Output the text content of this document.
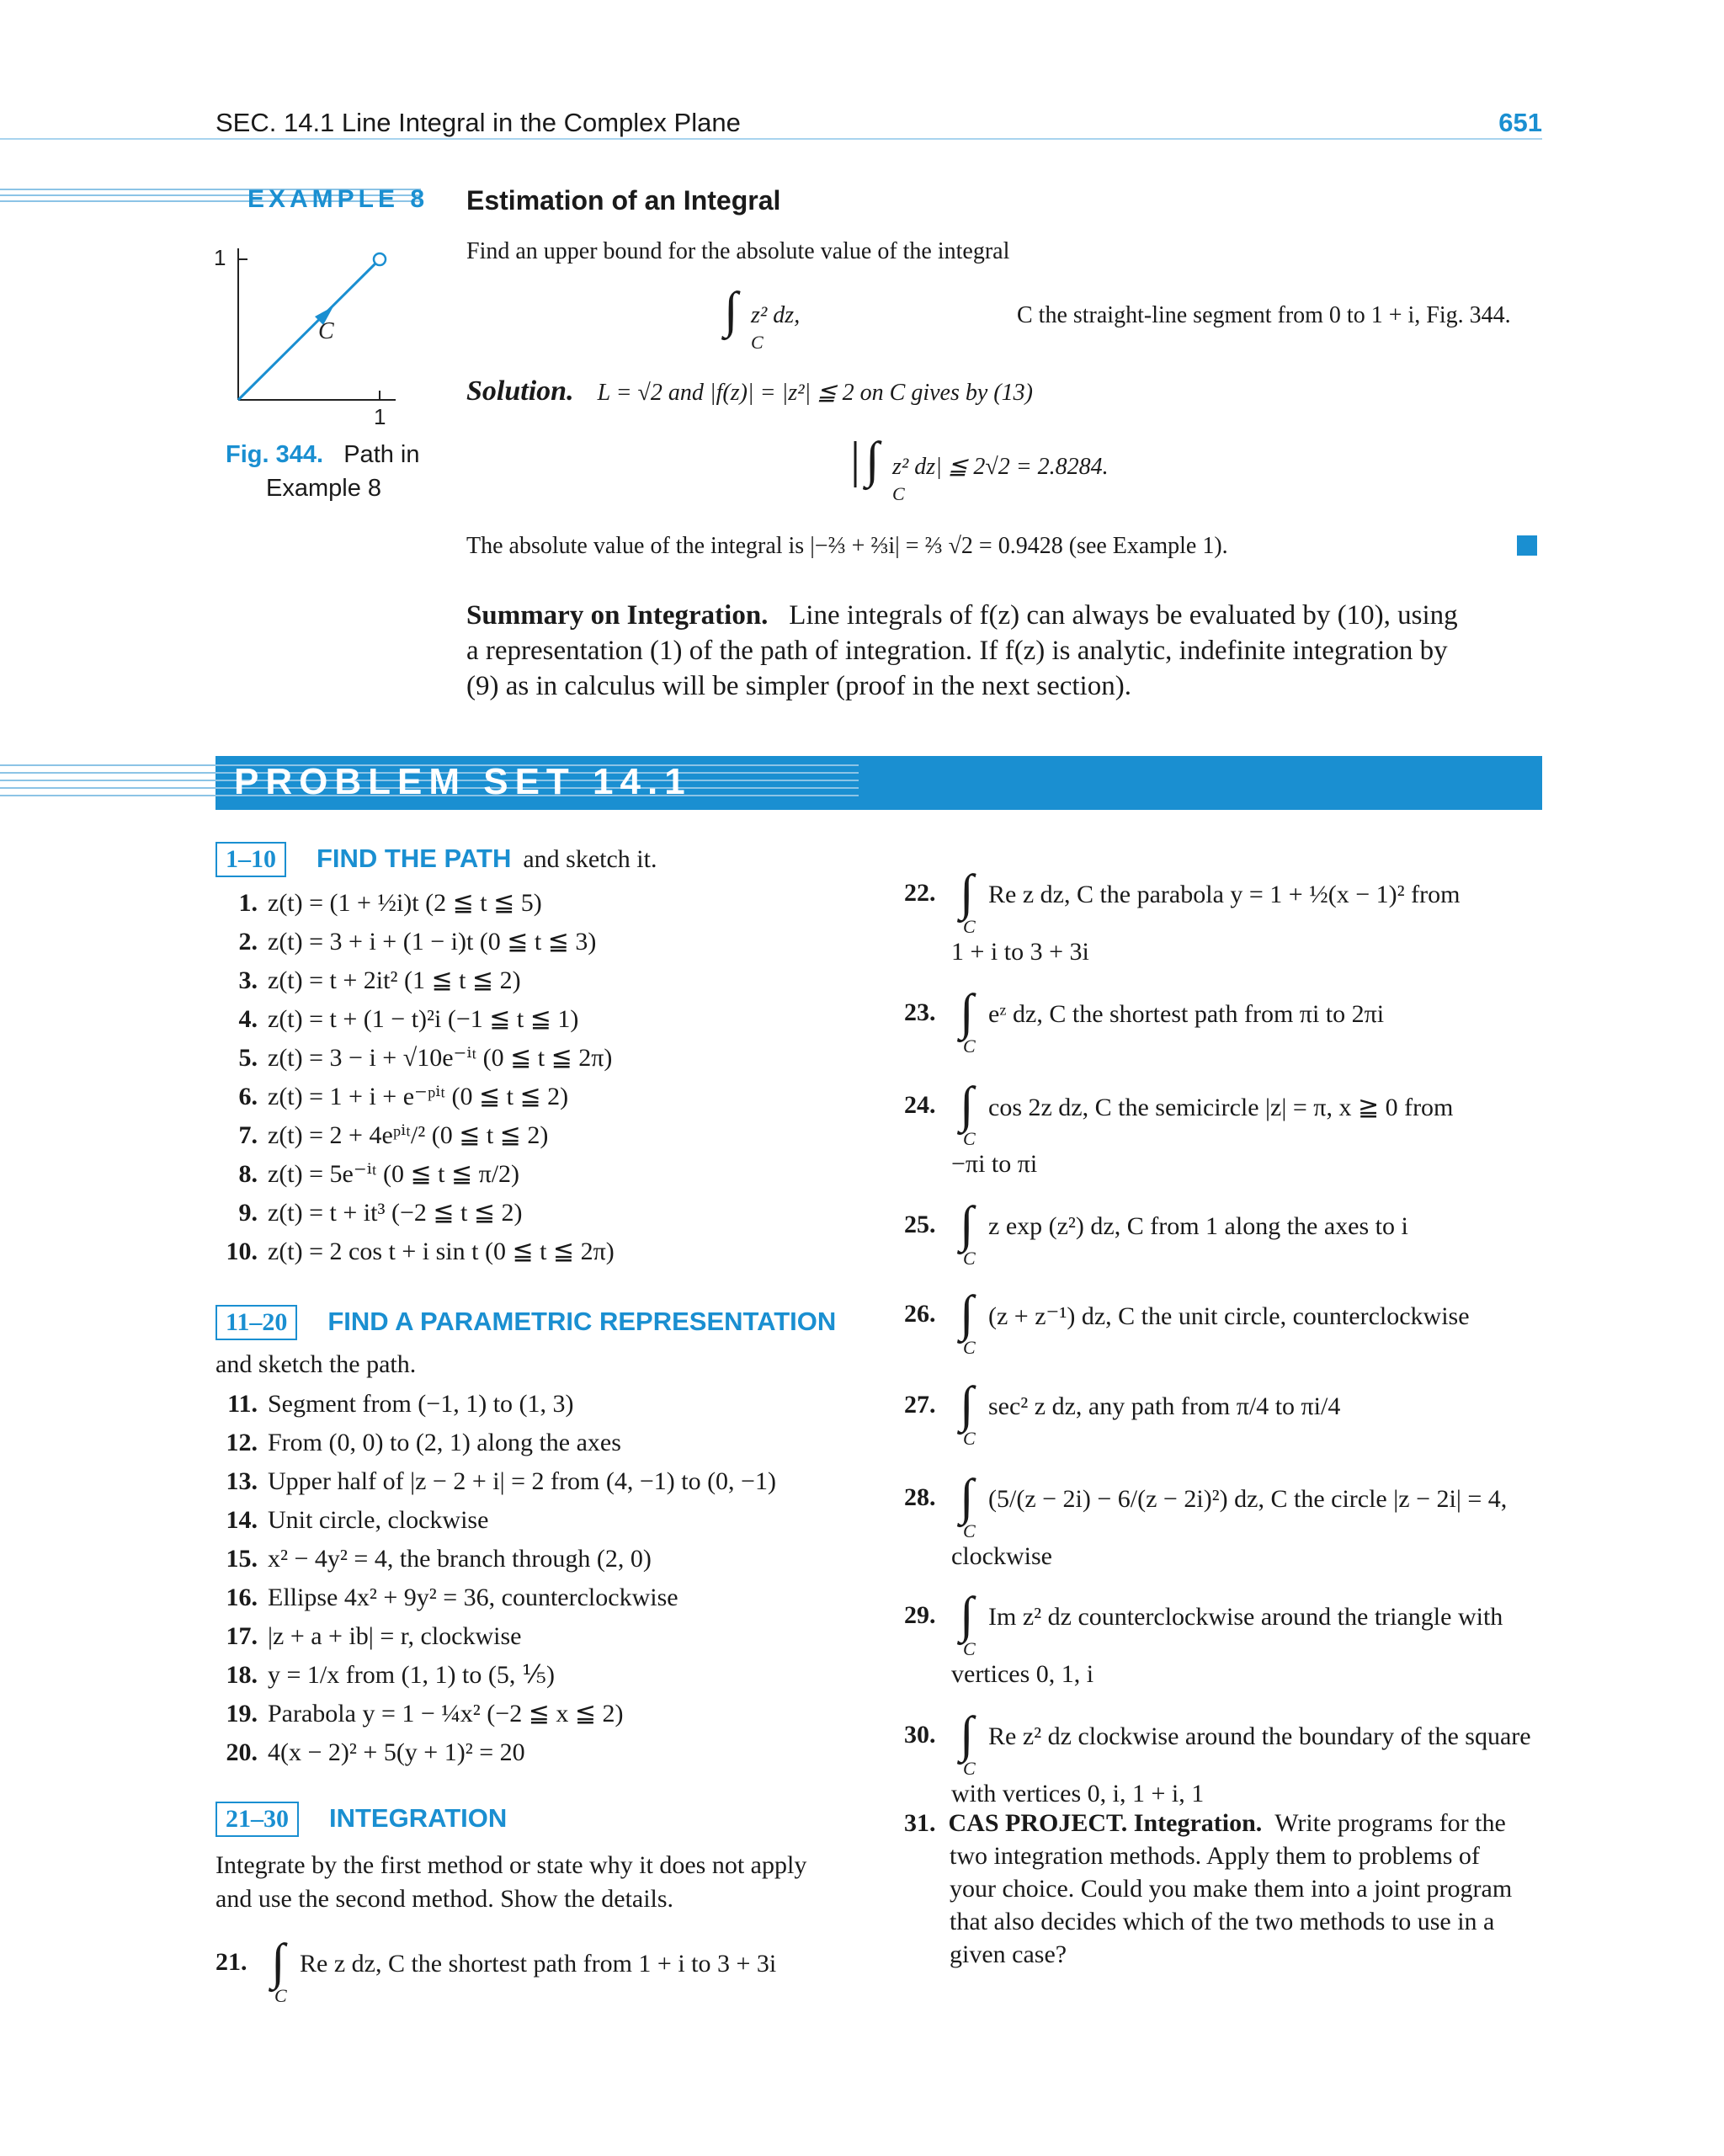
SEC. 14.1 Line Integral in the Complex Plane	651
EXAMPLE 8 Estimation of an Integral
1
1
C
Fig. 344. Path in
Example 8
Find an upper bound for the absolute value of the integral
∫ z² dz,
C
C the straight-line segment from 0 to 1 + i, Fig. 344.
Solution. L = √2 and |f(z)| = |z²| ≦ 2 on C gives by (13)
| ∫ z² dz| ≦ 2√2 = 2.8284.
C
The absolute value of the integral is |−⅔ + ⅔i| = ⅔ √2 = 0.9428 (see Example 1).
Summary on Integration. Line integrals of f(z) can always be evaluated by (10), using
a representation (1) of the path of integration. If f(z) is analytic, indefinite integration by
(9) as in calculus will be simpler (proof in the next section).
PROBLEM SET 14.1
1–10 FIND THE PATH and sketch it.
1. z(t) = (1 + ½i)t (2 ≦ t ≦ 5)
2. z(t) = 3 + i + (1 − i)t (0 ≦ t ≦ 3)
3. z(t) = t + 2it² (1 ≦ t ≦ 2)
4. z(t) = t + (1 − t)²i (−1 ≦ t ≦ 1)
5. z(t) = 3 − i + √10e⁻ⁱᵗ (0 ≦ t ≦ 2π)
6. z(t) = 1 + i + e⁻ᵖⁱᵗ (0 ≦ t ≦ 2)
7. z(t) = 2 + 4eᵖⁱᵗ/² (0 ≦ t ≦ 2)
8. z(t) = 5e⁻ⁱᵗ (0 ≦ t ≦ π/2)
9. z(t) = t + it³ (−2 ≦ t ≦ 2)
10. z(t) = 2 cos t + i sin t (0 ≦ t ≦ 2π)
11–20 FIND A PARAMETRIC REPRESENTATION
and sketch the path.
11. Segment from (−1, 1) to (1, 3)
12. From (0, 0) to (2, 1) along the axes
13. Upper half of |z − 2 + i| = 2 from (4, −1) to (0, −1)
14. Unit circle, clockwise
15. x² − 4y² = 4, the branch through (2, 0)
16. Ellipse 4x² + 9y² = 36, counterclockwise
17. |z + a + ib| = r, clockwise
18. y = 1/x from (1, 1) to (5, ⅕)
19. Parabola y = 1 − ¼x² (−2 ≦ x ≦ 2)
20. 4(x − 2)² + 5(y + 1)² = 20
21–30 INTEGRATION
Integrate by the first method or state why it does not apply
and use the second method. Show the details.
21. ∫
C
Re z dz, C the shortest path from 1 + i to 3 + 3i
22. ∫
C
Re z dz, C the parabola y = 1 + ½(x − 1)² from
1 + i to 3 + 3i
23. ∫
C
eᶻ dz, C the shortest path from πi to 2πi
24. ∫
C
cos 2z dz, C the semicircle |z| = π, x ≧ 0 from
−πi to πi
25. ∫
C
z exp (z²) dz, C from 1 along the axes to i
26. ∫
C
(z + z⁻¹) dz, C the unit circle, counterclockwise
27. ∫
C
sec² z dz, any path from π/4 to πi/4
28. ∫
C
(5/(z − 2i) − 6/(z − 2i)²) dz, C the circle |z − 2i| = 4,
clockwise
29. ∫
C
Im z² dz counterclockwise around the triangle with
vertices 0, 1, i
30. ∫
C
Re z² dz clockwise around the boundary of the square
with vertices 0, i, 1 + i, 1
31. CAS PROJECT. Integration. Write programs for the
two integration methods. Apply them to problems of
your choice. Could you make them into a joint program
that also decides which of the two methods to use in a
given case?
